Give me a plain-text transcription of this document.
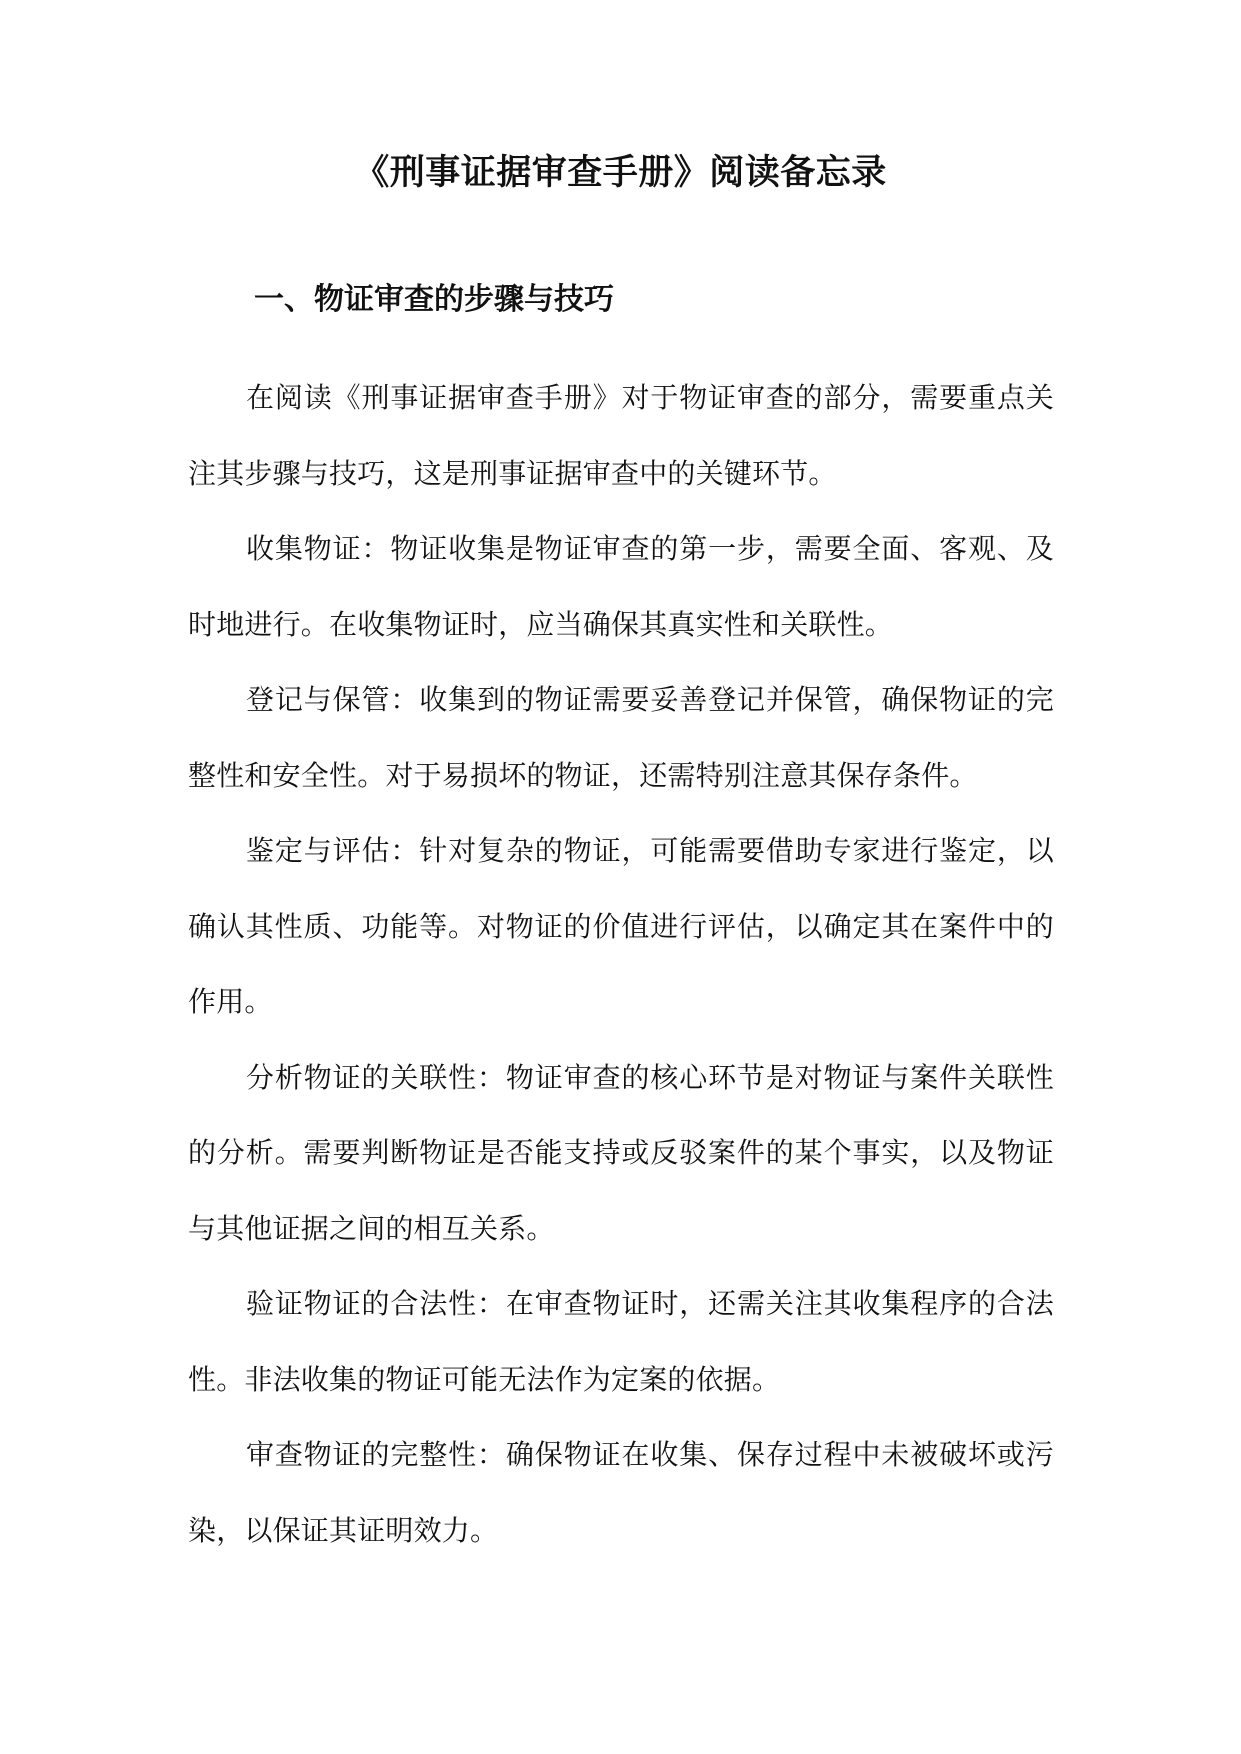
《刑事证据审查手册》阅读备忘录
一、物证审查的步骤与技巧

在阅读《刑事证据审查手册》对于物证审查的部分，需要重点关注其步骤与技巧，这是刑事证据审查中的关键环节。

收集物证：物证收集是物证审查的第一步，需要全面、客观、及时地进行。在收集物证时，应当确保其真实性和关联性。

登记与保管：收集到的物证需要妥善登记并保管，确保物证的完整性和安全性。对于易损坏的物证，还需特别注意其保存条件。

鉴定与评估：针对复杂的物证，可能需要借助专家进行鉴定，以确认其性质、功能等。对物证的价值进行评估，以确定其在案件中的作用。

分析物证的关联性：物证审查的核心环节是对物证与案件关联性的分析。需要判断物证是否能支持或反驳案件的某个事实，以及物证与其他证据之间的相互关系。

验证物证的合法性：在审查物证时，还需关注其收集程序的合法性。非法收集的物证可能无法作为定案的依据。

审查物证的完整性：确保物证在收集、保存过程中未被破坏或污染，以保证其证明效力。
